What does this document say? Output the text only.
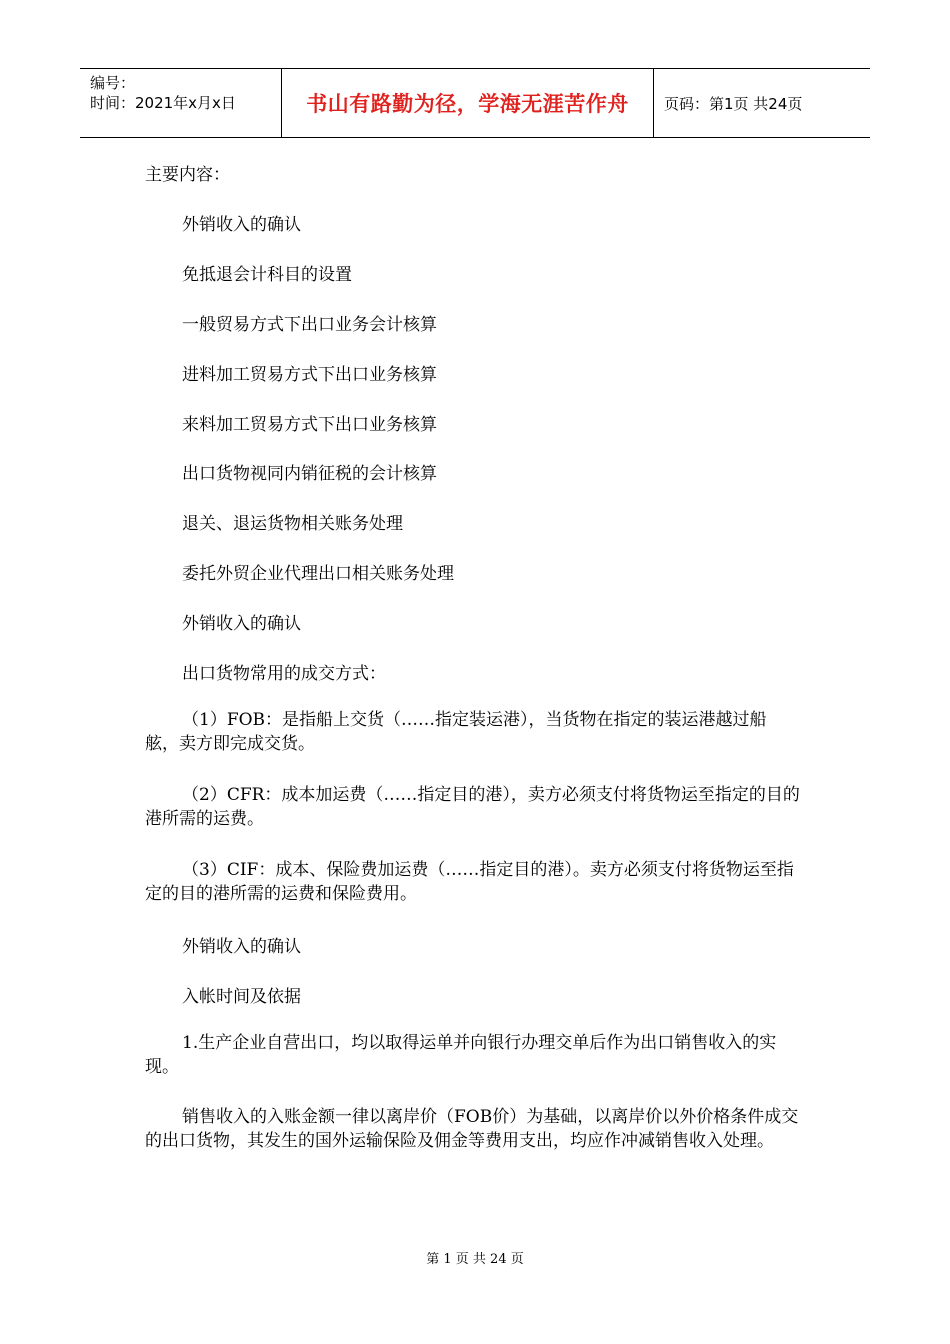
编号：
时间：2021年x月x日	书山有路勤为径，学海无涯苦作舟	页码：第1页 共24页
主要内容：
外销收入的确认
免抵退会计科目的设置
一般贸易方式下出口业务会计核算
进料加工贸易方式下出口业务核算
来料加工贸易方式下出口业务核算
出口货物视同内销征税的会计核算
退关、退运货物相关账务处理
委托外贸企业代理出口相关账务处理
外销收入的确认
出口货物常用的成交方式：
（1）FOB：是指船上交货（……指定装运港），当货物在指定的装运港越过船舷，卖方即完成交货。
（2）CFR：成本加运费（……指定目的港），卖方必须支付将货物运至指定的目的港所需的运费。
（3）CIF：成本、保险费加运费（……指定目的港）。卖方必须支付将货物运至指定的目的港所需的运费和保险费用。
外销收入的确认
入帐时间及依据
1.生产企业自营出口，均以取得运单并向银行办理交单后作为出口销售收入的实现。
销售收入的入账金额一律以离岸价（FOB价）为基础，以离岸价以外价格条件成交的出口货物，其发生的国外运输保险及佣金等费用支出，均应作冲减销售收入处理。
第 1 页 共 24 页
